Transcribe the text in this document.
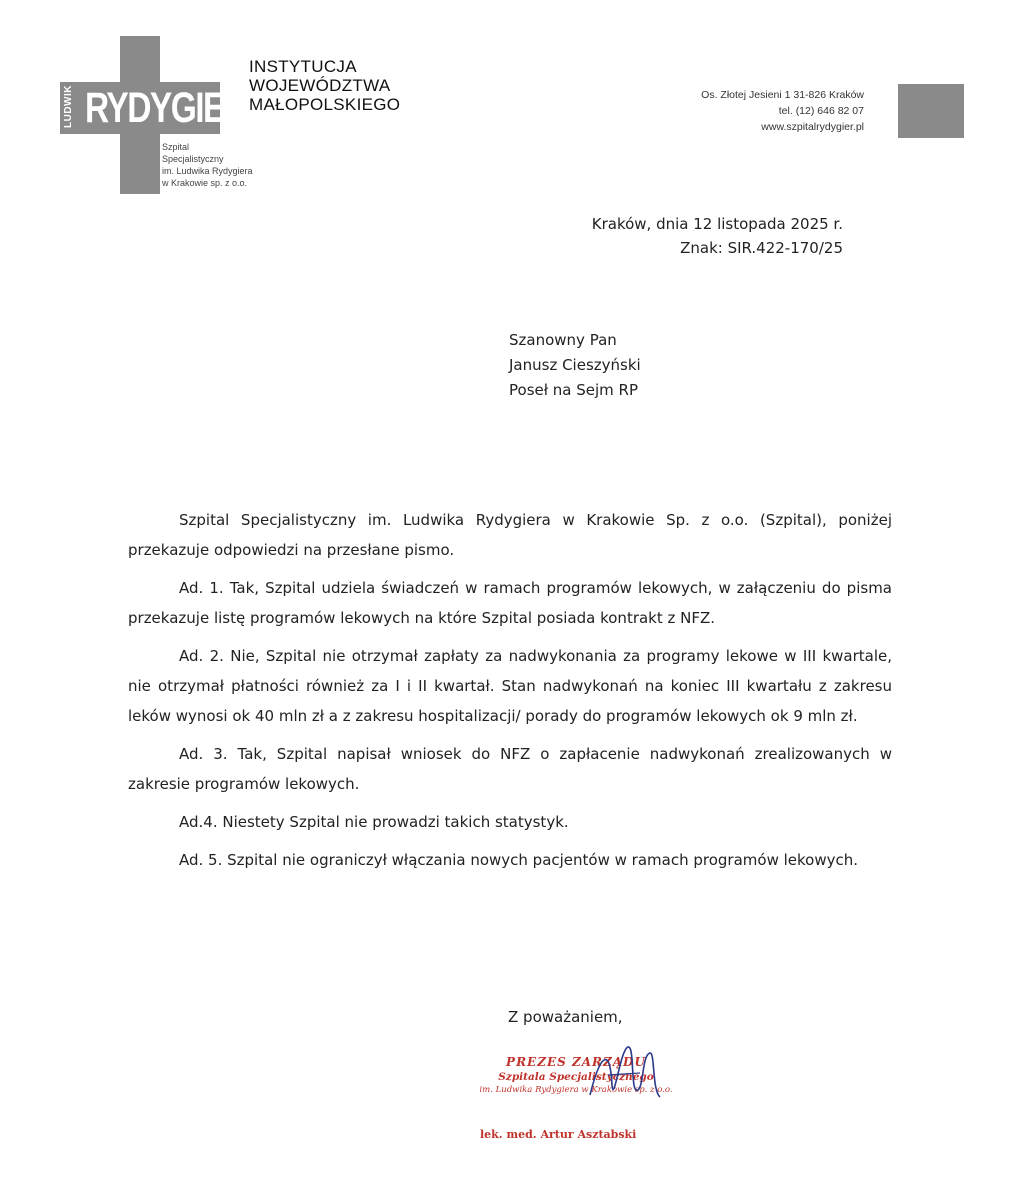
RYDYGIER
LUDWIK
Szpital
Specjalistyczny
im. Ludwika Rydygiera
w Krakowie sp. z o.o.
INSTYTUCJA
WOJEWÓDZTWA
MAŁOPOLSKIEGO	Os. Złotej Jesieni 1 31-826 Kraków
tel. (12) 646 82 07
www.szpitalrydygier.pl
Kraków, dnia 12 listopada 2025 r.
Znak: SIR.422-170/25
Szanowny Pan
Janusz Cieszyński
Poseł na Sejm RP

Szpital Specjalistyczny im. Ludwika Rydygiera w Krakowie Sp. z o.o. (Szpital), poniżej przekazuje odpowiedzi na przesłane pismo.

Ad. 1. Tak, Szpital udziela świadczeń w ramach programów lekowych, w załączeniu do pisma przekazuje listę programów lekowych na które Szpital posiada kontrakt z NFZ.

Ad. 2. Nie, Szpital nie otrzymał zapłaty za nadwykonania za programy lekowe w III kwartale, nie otrzymał płatności również za I i II kwartał. Stan nadwykonań na koniec III kwartału z zakresu leków wynosi ok 40 mln zł a z zakresu hospitalizacji/ porady do programów lekowych ok 9 mln zł.

Ad. 3. Tak, Szpital napisał wniosek do NFZ o zapłacenie nadwykonań zrealizowanych w zakresie programów lekowych.

Ad.4. Niestety Szpital nie prowadzi takich statystyk.

Ad. 5. Szpital nie ograniczył włączania nowych pacjentów w ramach programów lekowych.

Z poważaniem,
PREZES ZARZĄDU
Szpitala Specjalistycznego
im. Ludwika Rydygiera w Krakowie sp. z o.o.
lek. med. Artur Asztabski
